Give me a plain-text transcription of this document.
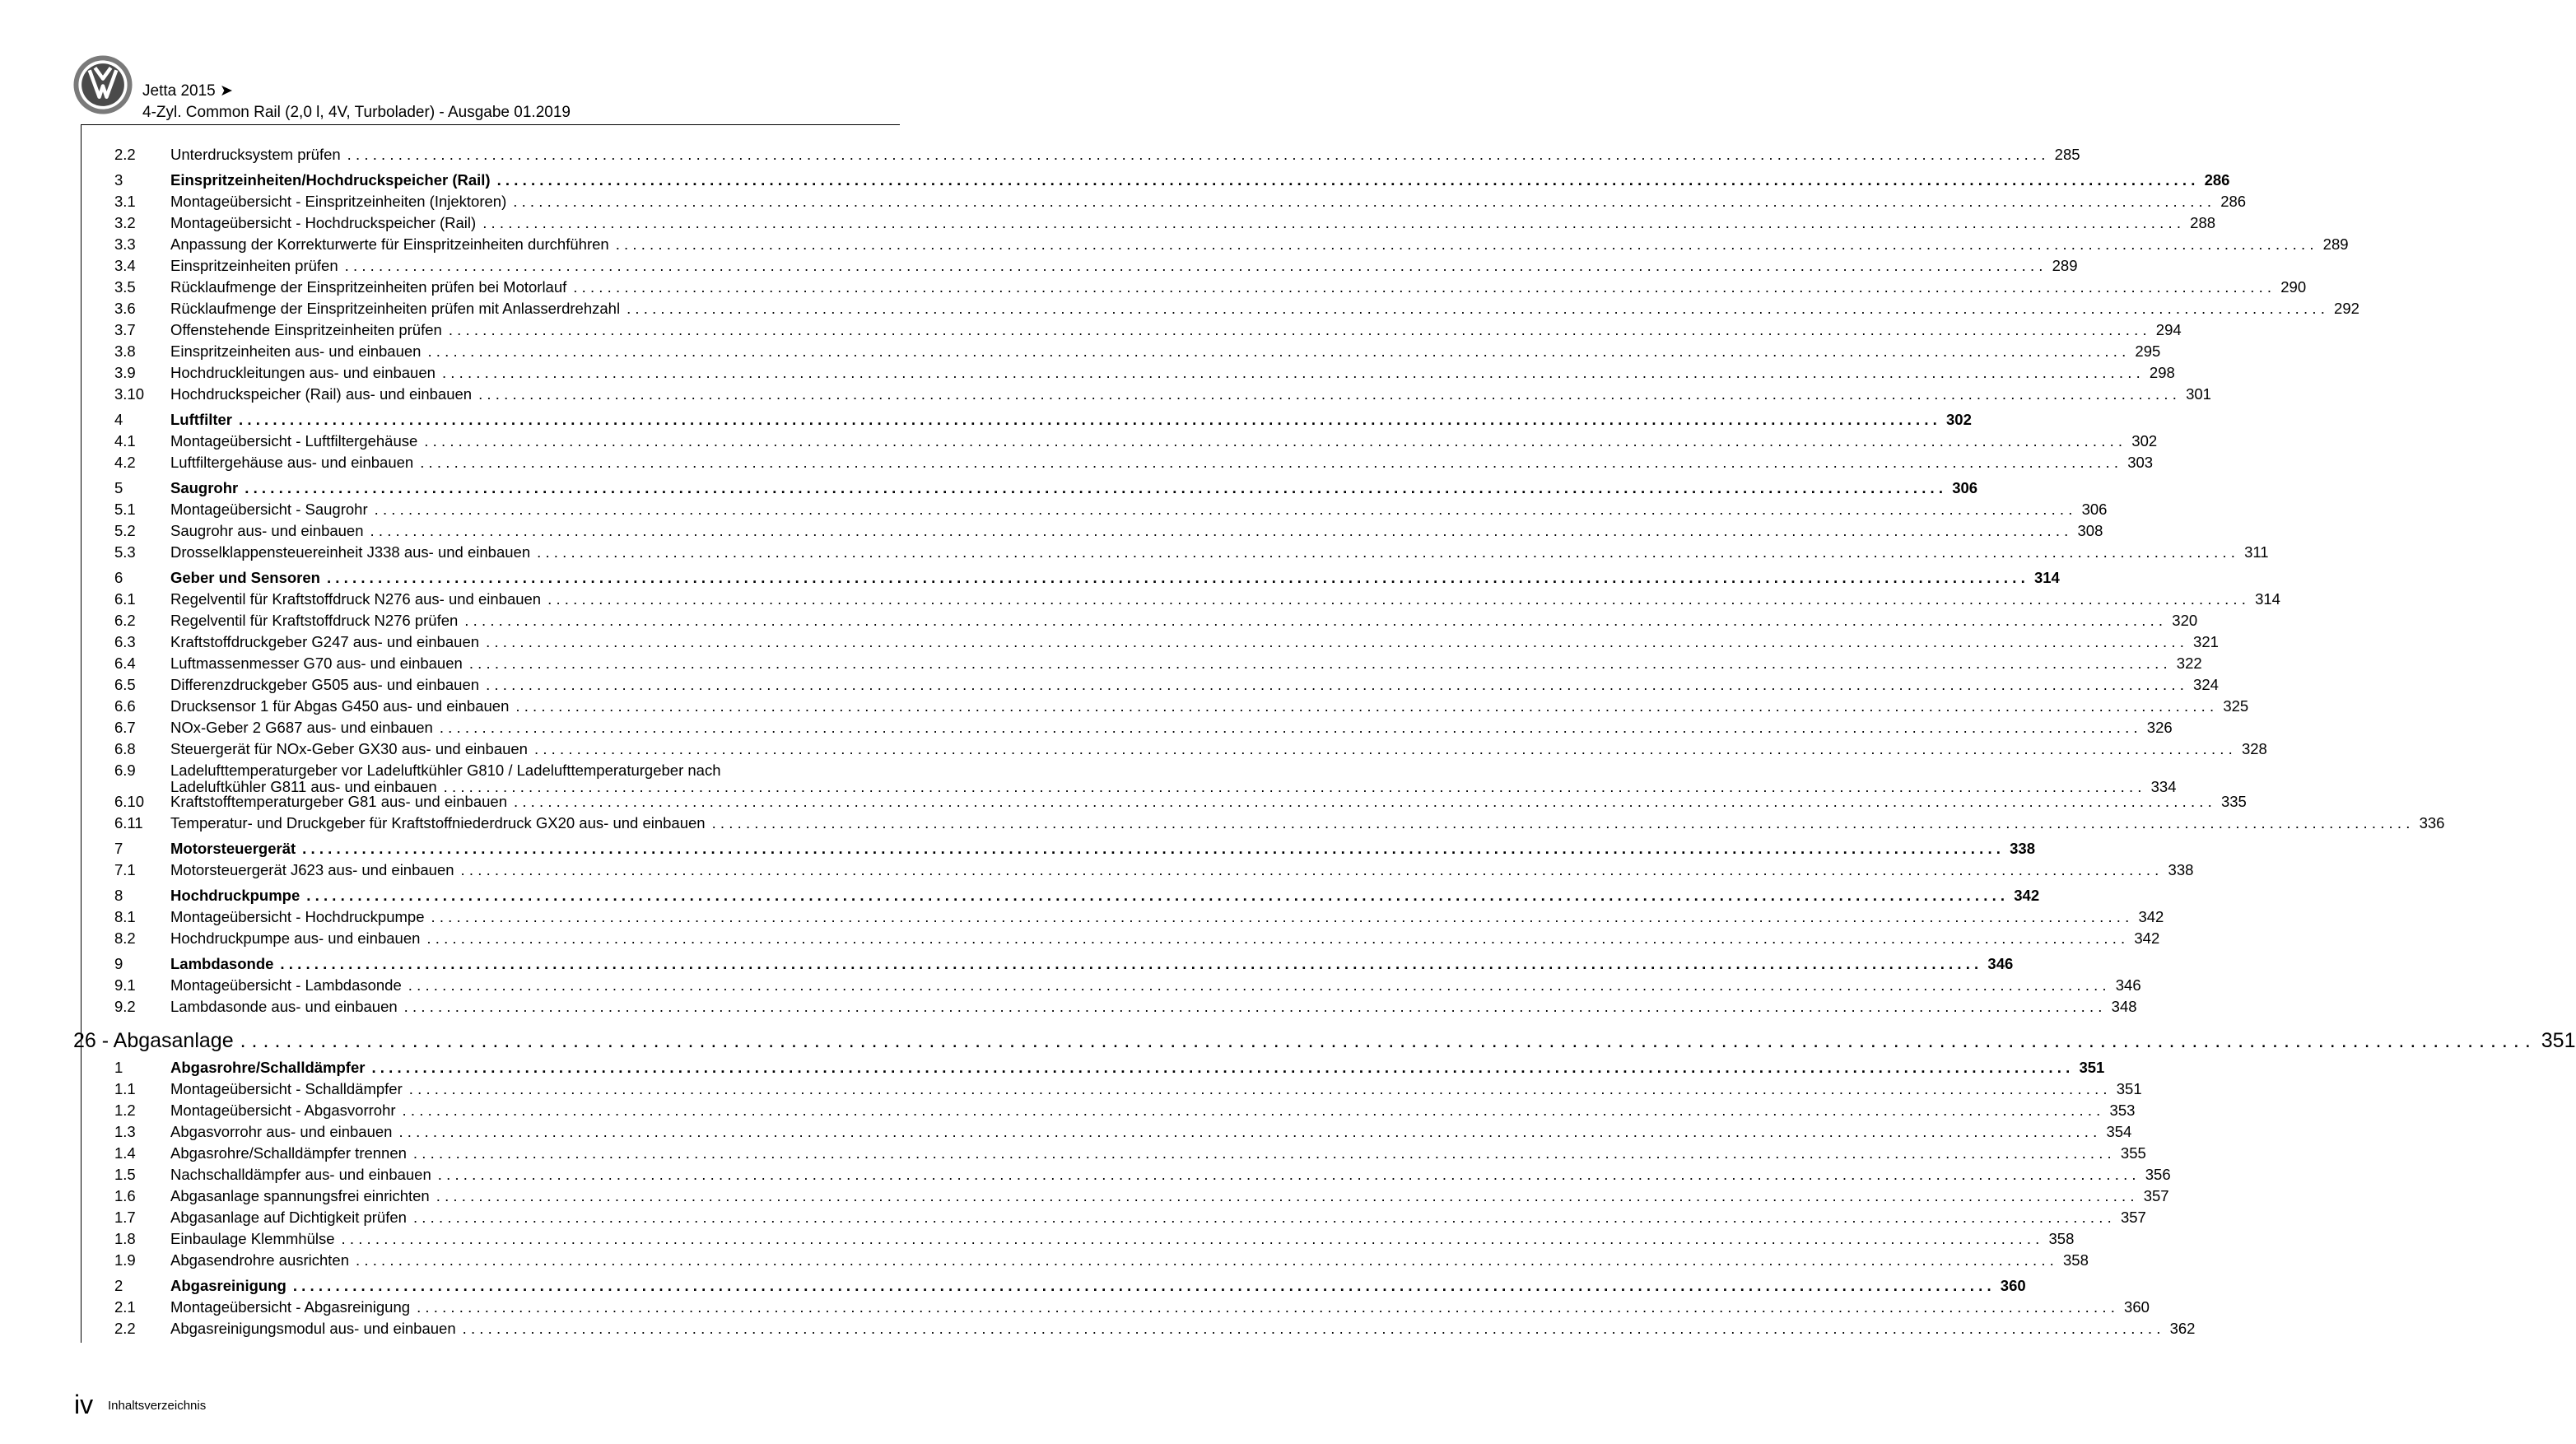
Jetta 2015 ➤
4-Zyl. Common Rail (2,0 l, 4V, Turbolader) - Ausgabe 01.2019
2.2 Unterdrucksystem prüfen ........................................................................................................................................................................................................ 285
3	Einspritzeinheiten/Hochdruckspeicher (Rail) ........................................................................................................................................................................................................ 286
3.1 Montageübersicht - Einspritzeinheiten (Injektoren) ........................................................................................................................................................................................................ 286
3.2 Montageübersicht - Hochdruckspeicher (Rail) ........................................................................................................................................................................................................ 288
3.3 Anpassung der Korrekturwerte für Einspritzeinheiten durchführen ........................................................................................................................................................................................................ 289
3.4 Einspritzeinheiten prüfen ........................................................................................................................................................................................................ 289
3.5 Rücklaufmenge der Einspritzeinheiten prüfen bei Motorlauf ........................................................................................................................................................................................................ 290
3.6 Rücklaufmenge der Einspritzeinheiten prüfen mit Anlasserdrehzahl ........................................................................................................................................................................................................ 292
3.7 Offenstehende Einspritzeinheiten prüfen ........................................................................................................................................................................................................ 294
3.8 Einspritzeinheiten aus- und einbauen ........................................................................................................................................................................................................ 295
3.9 Hochdruckleitungen aus- und einbauen ........................................................................................................................................................................................................ 298
3.10 Hochdruckspeicher (Rail) aus- und einbauen ........................................................................................................................................................................................................ 301
4	Luftfilter ........................................................................................................................................................................................................ 302
4.1 Montageübersicht - Luftfiltergehäuse ........................................................................................................................................................................................................ 302
4.2 Luftfiltergehäuse aus- und einbauen ........................................................................................................................................................................................................ 303
5	Saugrohr ........................................................................................................................................................................................................ 306
5.1 Montageübersicht - Saugrohr ........................................................................................................................................................................................................ 306
5.2 Saugrohr aus- und einbauen ........................................................................................................................................................................................................ 308
5.3 Drosselklappensteuereinheit J338 aus- und einbauen ........................................................................................................................................................................................................ 311
6	Geber und Sensoren ........................................................................................................................................................................................................ 314
6.1 Regelventil für Kraftstoffdruck N276 aus- und einbauen ........................................................................................................................................................................................................ 314
6.2 Regelventil für Kraftstoffdruck N276 prüfen ........................................................................................................................................................................................................ 320
6.3 Kraftstoffdruckgeber G247 aus- und einbauen ........................................................................................................................................................................................................ 321
6.4 Luftmassenmesser G70 aus- und einbauen ........................................................................................................................................................................................................ 322
6.5 Differenzdruckgeber G505 aus- und einbauen ........................................................................................................................................................................................................ 324
6.6 Drucksensor 1 für Abgas G450 aus- und einbauen ........................................................................................................................................................................................................ 325
6.7 NOx-Geber 2 G687 aus- und einbauen ........................................................................................................................................................................................................ 326
6.8 Steuergerät für NOx-Geber GX30 aus- und einbauen ........................................................................................................................................................................................................ 328
6.9 Ladelufttemperaturgeber vor Ladeluftkühler G810 / Ladelufttemperaturgeber nach
Ladeluftkühler G811 aus- und einbauen ........................................................................................................................................................................................................ 334
6.10 Kraftstofftemperaturgeber G81 aus- und einbauen ........................................................................................................................................................................................................ 335
6.11 Temperatur- und Druckgeber für Kraftstoffniederdruck GX20 aus- und einbauen ........................................................................................................................................................................................................ 336
7	Motorsteuergerät ........................................................................................................................................................................................................ 338
7.1 Motorsteuergerät J623 aus- und einbauen ........................................................................................................................................................................................................ 338
8	Hochdruckpumpe ........................................................................................................................................................................................................ 342
8.1 Montageübersicht - Hochdruckpumpe ........................................................................................................................................................................................................ 342
8.2 Hochdruckpumpe aus- und einbauen ........................................................................................................................................................................................................ 342
9	Lambdasonde ........................................................................................................................................................................................................ 346
9.1 Montageübersicht - Lambdasonde ........................................................................................................................................................................................................ 346
9.2 Lambdasonde aus- und einbauen ........................................................................................................................................................................................................ 348
26 - Abgasanlage ........................................................................................................................................................................................................ 351
1	Abgasrohre/Schalldämpfer ........................................................................................................................................................................................................ 351
1.1 Montageübersicht - Schalldämpfer ........................................................................................................................................................................................................ 351
1.2 Montageübersicht - Abgasvorrohr ........................................................................................................................................................................................................ 353
1.3 Abgasvorrohr aus- und einbauen ........................................................................................................................................................................................................ 354
1.4 Abgasrohre/Schalldämpfer trennen ........................................................................................................................................................................................................ 355
1.5 Nachschalldämpfer aus- und einbauen ........................................................................................................................................................................................................ 356
1.6 Abgasanlage spannungsfrei einrichten ........................................................................................................................................................................................................ 357
1.7 Abgasanlage auf Dichtigkeit prüfen ........................................................................................................................................................................................................ 357
1.8 Einbaulage Klemmhülse ........................................................................................................................................................................................................ 358
1.9 Abgasendrohre ausrichten ........................................................................................................................................................................................................ 358
2	Abgasreinigung ........................................................................................................................................................................................................ 360
2.1 Montageübersicht - Abgasreinigung ........................................................................................................................................................................................................ 360
2.2 Abgasreinigungsmodul aus- und einbauen ........................................................................................................................................................................................................ 362
iv Inhaltsverzeichnis
